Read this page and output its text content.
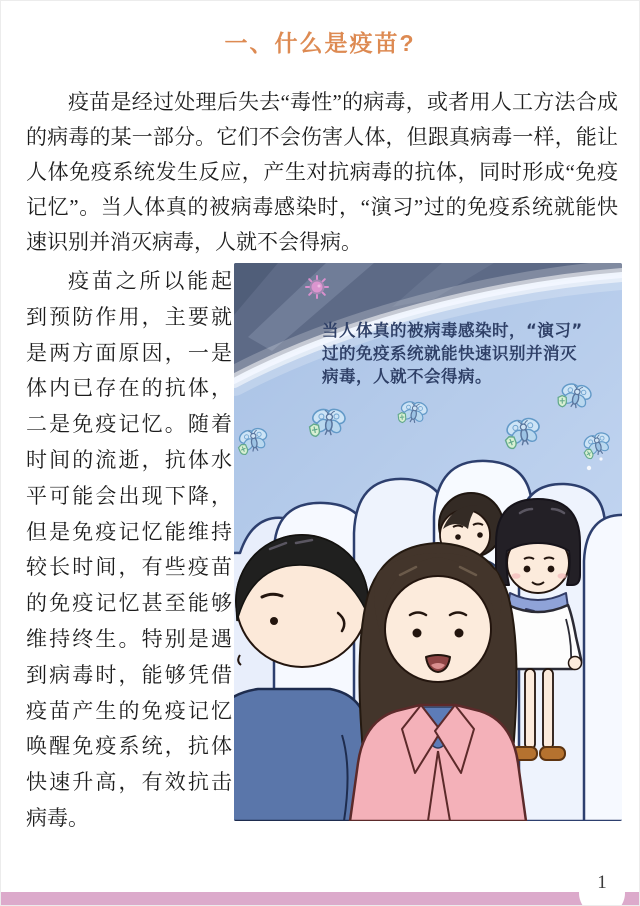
一、什么是疫苗?

疫苗是经过处理后失去“毒性”的病毒，或者用人工方法合成的病毒的某一部分。它们不会伤害人体，但跟真病毒一样，能让人体免疫系统发生反应，产生对抗病毒的抗体，同时形成“免疫记忆”。当人体真的被病毒感染时，“演习”过的免疫系统就能快速识别并消灭病毒，人就不会得病。

疫苗之所以能起到预防作用，主要就是两方面原因，一是体内已存在的抗体，二是免疫记忆。随着时间的流逝，抗体水平可能会出现下降，但是免疫记忆能维持较长时间，有些疫苗的免疫记忆甚至能够维持终生。特别是遇到病毒时，能够凭借疫苗产生的免疫记忆唤醒免疫系统，抗体快速升高，有效抗击病毒。

当人体真的被病毒感染时，“演习”
过的免疫系统就能快速识别并消灭
病毒，人就不会得病。
1
